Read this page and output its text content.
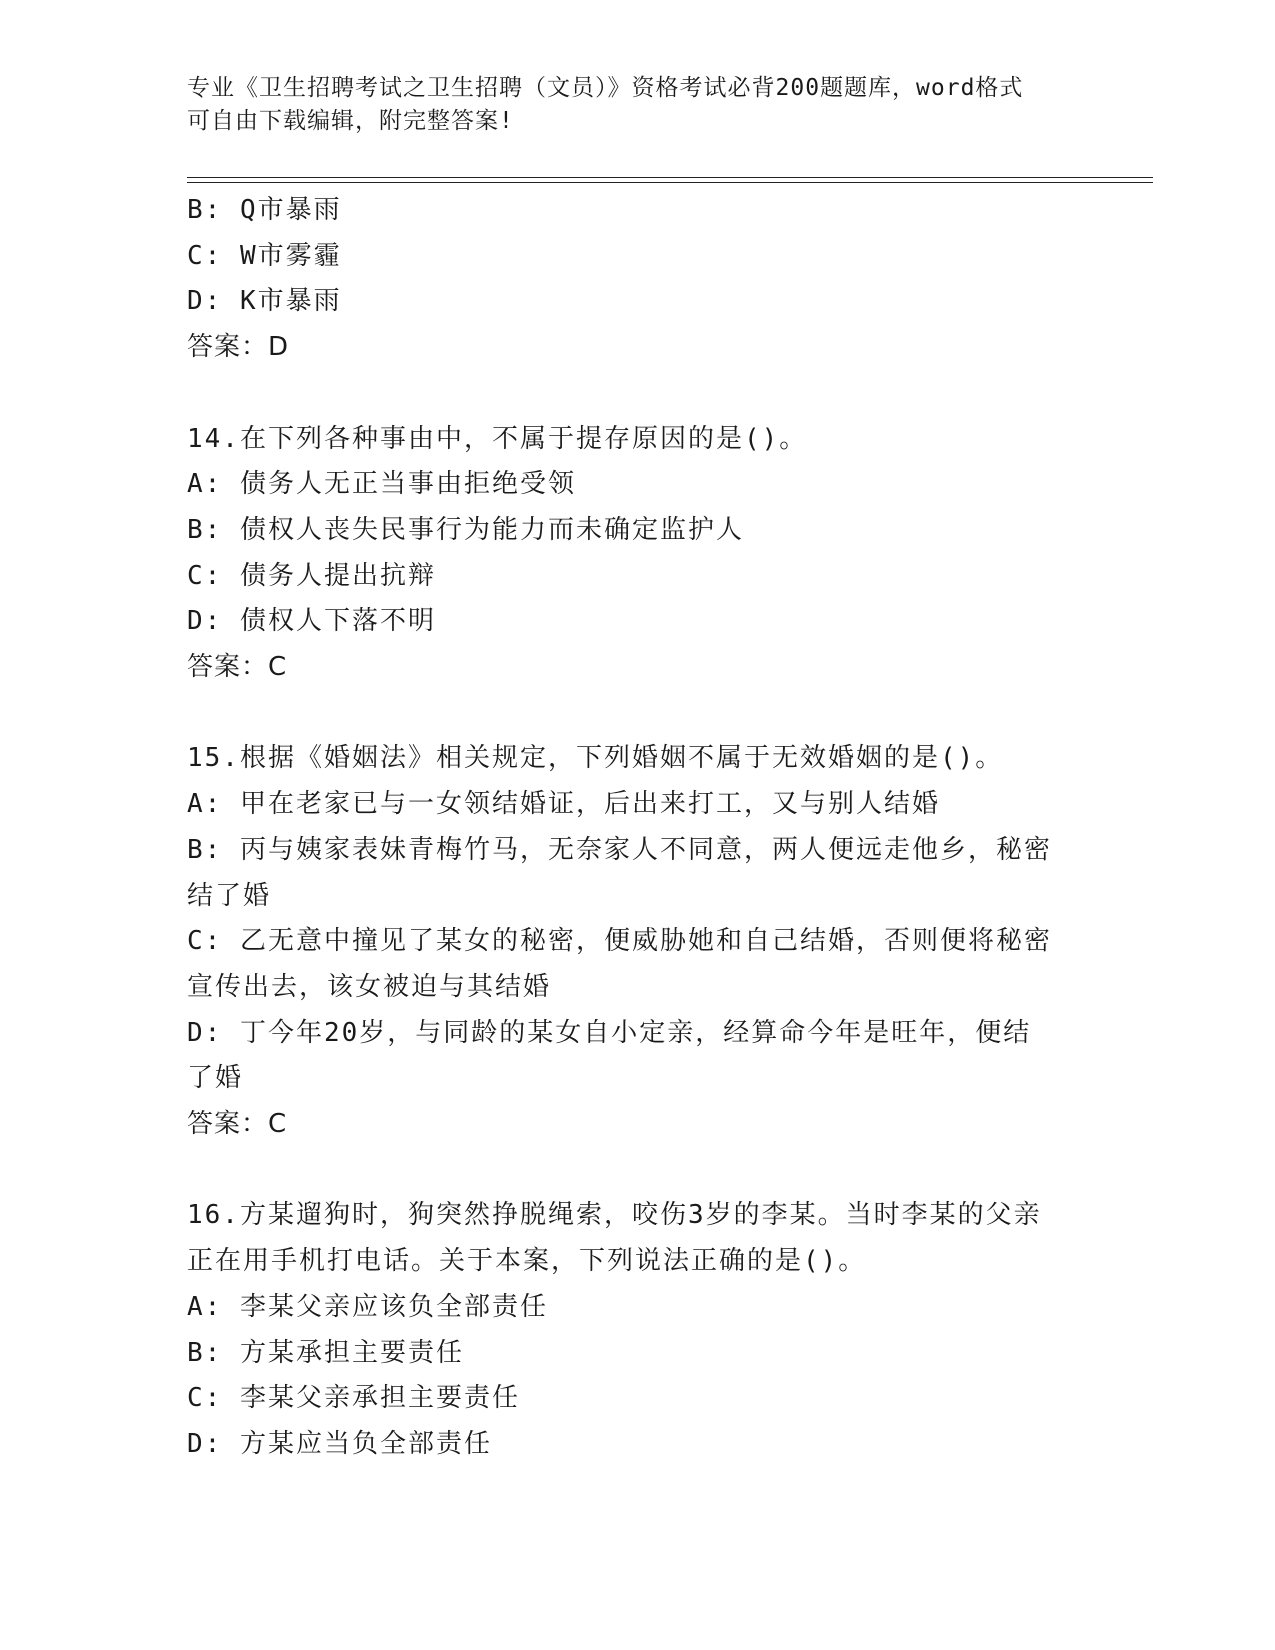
专业《卫生招聘考试之卫生招聘（文员）》资格考试必背200题题库，word格式
可自由下载编辑，附完整答案!
B: Q市暴雨
C: W市雾霾
D: K市暴雨
答案：D
14.在下列各种事由中，不属于提存原因的是()。
A: 债务人无正当事由拒绝受领
B: 债权人丧失民事行为能力而未确定监护人
C: 债务人提出抗辩
D: 债权人下落不明
答案：C
15.根据《婚姻法》相关规定，下列婚姻不属于无效婚姻的是()。
A: 甲在老家已与一女领结婚证，后出来打工，又与别人结婚
B: 丙与姨家表妹青梅竹马，无奈家人不同意，两人便远走他乡，秘密
结了婚
C: 乙无意中撞见了某女的秘密，便威胁她和自己结婚，否则便将秘密
宣传出去，该女被迫与其结婚
D: 丁今年20岁，与同龄的某女自小定亲，经算命今年是旺年，便结
了婚
答案：C
16.方某遛狗时，狗突然挣脱绳索，咬伤3岁的李某。当时李某的父亲
正在用手机打电话。关于本案，下列说法正确的是()。
A: 李某父亲应该负全部责任
B: 方某承担主要责任
C: 李某父亲承担主要责任
D: 方某应当负全部责任
